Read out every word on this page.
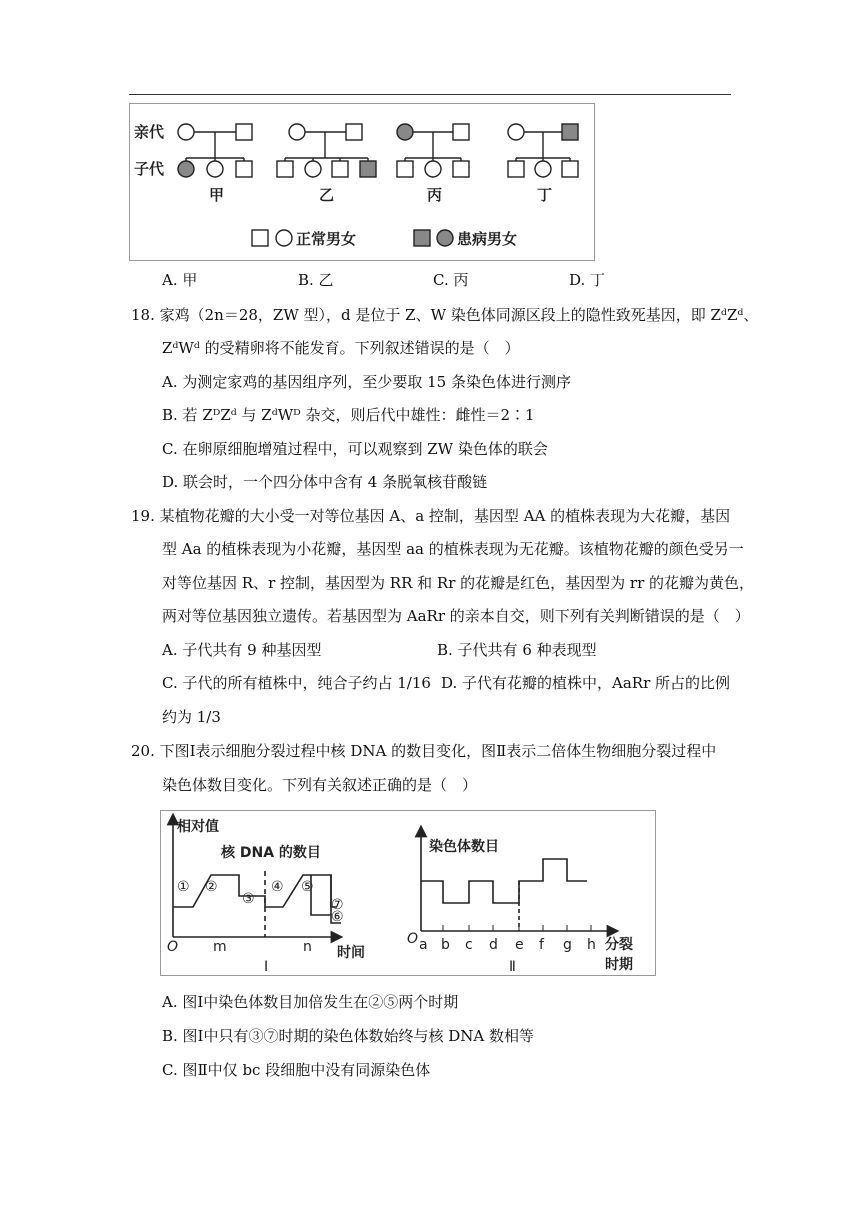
亲代
子代
甲	乙	丙	丁
正常男女	患病男女
A. 甲	B. 乙	C. 丙	D. 丁
18. 家鸡（2n＝28，ZW 型），d 是位于 Z、W 染色体同源区段上的隐性致死基因，即 ZᵈZᵈ、
ZᵈWᵈ 的受精卵将不能发育。下列叙述错误的是（　）
A. 为测定家鸡的基因组序列，至少要取 15 条染色体进行测序
B. 若 ZᴰZᵈ 与 ZᵈWᴰ 杂交，则后代中雄性：雌性＝2∶1
C. 在卵原细胞增殖过程中，可以观察到 ZW 染色体的联会
D. 联会时，一个四分体中含有 4 条脱氧核苷酸链
19. 某植物花瓣的大小受一对等位基因 A、a 控制，基因型 AA 的植株表现为大花瓣，基因
型 Aa 的植株表现为小花瓣，基因型 aa 的植株表现为无花瓣。该植物花瓣的颜色受另一
对等位基因 R、r 控制，基因型为 RR 和 Rr 的花瓣是红色，基因型为 rr 的花瓣为黄色，
两对等位基因独立遗传。若基因型为 AaRr 的亲本自交，则下列有关判断错误的是（　）
A. 子代共有 9 种基因型	B. 子代共有 6 种表现型
C. 子代的所有植株中，纯合子约占 1/16 D. 子代有花瓣的植株中，AaRr 所占的比例
约为 1/3
20. 下图Ⅰ表示细胞分裂过程中核 DNA 的数目变化，图Ⅱ表示二倍体生物细胞分裂过程中
染色体数目变化。下列有关叙述正确的是（　）
相对值
核 DNA 的数目
① ②
③
④ ⑤
⑥
⑦
O m	n 时间
Ⅰ
染色体数目
O a b c d e f g h 分裂
时期
Ⅱ
A. 图Ⅰ中染色体数目加倍发生在②⑤两个时期
B. 图Ⅰ中只有③⑦时期的染色体数始终与核 DNA 数相等
C. 图Ⅱ中仅 bc 段细胞中没有同源染色体
